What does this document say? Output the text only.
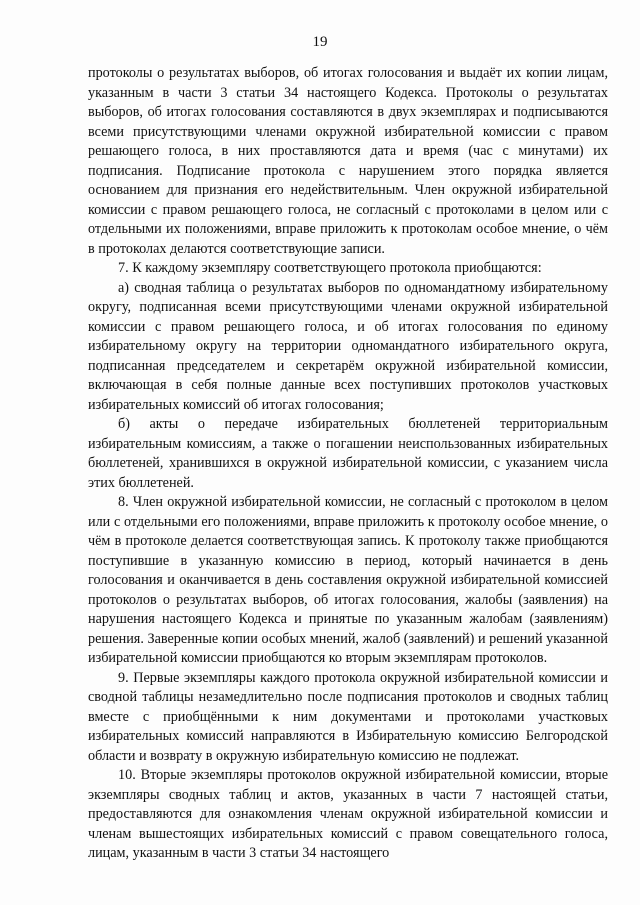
19

протоколы о результатах выборов, об итогах голосования и выдаёт их копии лицам, указанным в части 3 статьи 34 настоящего Кодекса. Протоколы о результатах выборов, об итогах голосования составляются в двух экземплярах и подписываются всеми присутствующими членами окружной избирательной комиссии с правом решающего голоса, в них проставляются дата и время (час с минутами) их подписания. Подписание протокола с нарушением этого порядка является основанием для признания его недействительным. Член окружной избирательной комиссии с правом решающего голоса, не согласный с протоколами в целом или с отдельными их положениями, вправе приложить к протоколам особое мнение, о чём в протоколах делаются соответствующие записи.

7. К каждому экземпляру соответствующего протокола приобщаются:

а) сводная таблица о результатах выборов по одномандатному избирательному округу, подписанная всеми присутствующими членами окружной избирательной комиссии с правом решающего голоса, и об итогах голосования по единому избирательному округу на территории одномандатного избирательного округа, подписанная председателем и секретарём окружной избирательной комиссии, включающая в себя полные данные всех поступивших протоколов участковых избирательных комиссий об итогах голосования;

б) акты о передаче избирательных бюллетеней территориальным избирательным комиссиям, а также о погашении неиспользованных избирательных бюллетеней, хранившихся в окружной избирательной комиссии, с указанием числа этих бюллетеней.

8. Член окружной избирательной комиссии, не согласный с протоколом в целом или с отдельными его положениями, вправе приложить к протоколу особое мнение, о чём в протоколе делается соответствующая запись. К протоколу также приобщаются поступившие в указанную комиссию в период, который начинается в день голосования и оканчивается в день составления окружной избирательной комиссией протоколов о результатах выборов, об итогах голосования, жалобы (заявления) на нарушения настоящего Кодекса и принятые по указанным жалобам (заявлениям) решения. Заверенные копии особых мнений, жалоб (заявлений) и решений указанной избирательной комиссии приобщаются ко вторым экземплярам протоколов.

9. Первые экземпляры каждого протокола окружной избирательной комиссии и сводной таблицы незамедлительно после подписания протоколов и сводных таблиц вместе с приобщёнными к ним документами и протоколами участковых избирательных комиссий направляются в Избирательную комиссию Белгородской области и возврату в окружную избирательную комиссию не подлежат.

10. Вторые экземпляры протоколов окружной избирательной комиссии, вторые экземпляры сводных таблиц и актов, указанных в части 7 настоящей статьи, предоставляются для ознакомления членам окружной избирательной комиссии и членам вышестоящих избирательных комиссий с правом совещательного голоса, лицам, указанным в части 3 статьи 34 настоящего
